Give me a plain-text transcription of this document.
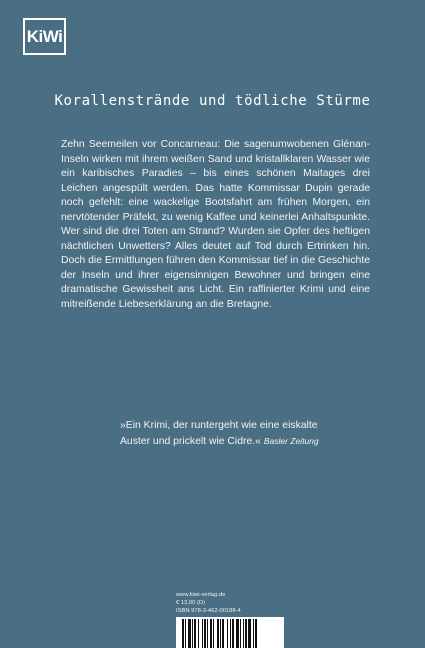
KiWi
Korallenstrände und tödliche Stürme

Zehn Seemeilen vor Concarneau: Die sagenumwobenen Glénan-Inseln wirken mit ihrem weißen Sand und kristallklaren Wasser wie ein karibisches Paradies – bis eines schönen Maitages drei Leichen angespült werden. Das hatte Kommissar Dupin gerade noch gefehlt: eine wackelige Bootsfahrt am frühen Morgen, ein nervtötender Präfekt, zu wenig Kaffee und keinerlei Anhaltspunkte. Wer sind die drei Toten am Strand? Wurden sie Opfer des heftigen nächtlichen Unwetters? Alles deutet auf Tod durch Ertrinken hin. Doch die Ermittlungen führen den Kommissar tief in die Geschichte der Inseln und ihrer eigensinnigen Bewohner und bringen eine dramatische Gewissheit ans Licht. Ein raffinierter Krimi und eine mitreißende Liebeserklärung an die Bretagne.

»Ein Krimi, der runtergeht wie eine eiskalte Auster und prickelt wie Cidre.« Basler Zeitung

www.kiwi-verlag.de
€ 13,00 (D)
ISBN 978-3-462-00188-4
